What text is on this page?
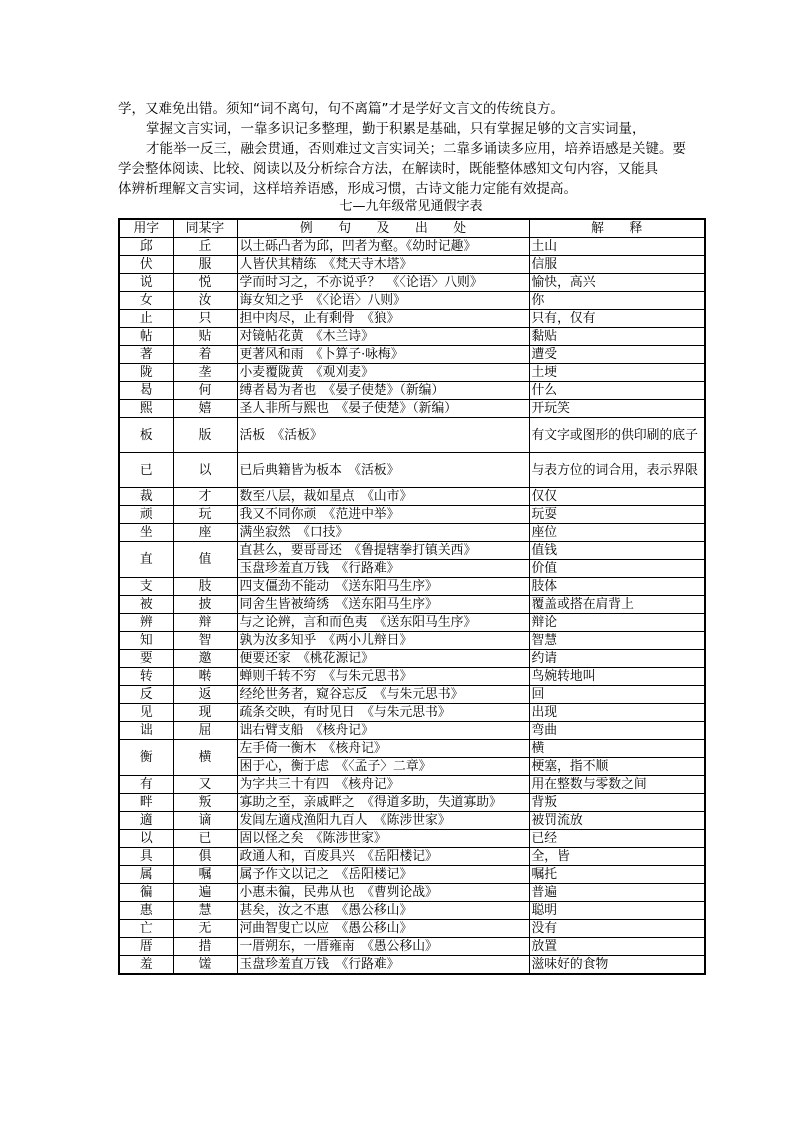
学，又难免出错。须知“词不离句，句不离篇”才是学好文言文的传统良方。

掌握文言实词，一靠多识记多整理，勤于积累是基础，只有掌握足够的文言实词量，

才能举一反三，融会贯通，否则难过文言实词关；二靠多诵读多应用，培养语感是关键。要

学会整体阅读、比较、阅读以及分析综合方法，在解读时，既能整体感知文句内容，又能具

体辨析理解文言实词，这样培养语感，形成习惯，古诗文能力定能有效提高。

七—九年级常见通假字表
用字	同某字	例　　句　　及　　出　　处	解　　释
邱	丘	以土砾凸者为邱，凹者为壑。《幼时记趣》	土山
伏	服	人皆伏其精练　《梵天寺木塔》	信服
说	悦	学而时习之，不亦说乎？　《〈论语〉八则》	愉快，高兴
女	汝	诲女知之乎　《〈论语〉八则》	你
止	只	担中肉尽，止有剩骨　《狼》	只有，仅有
帖	贴	对镜帖花黄　《木兰诗》	黏贴
著	着	更著风和雨　《卜算子·咏梅》	遭受
陇	垄	小麦覆陇黄　《观刈麦》	土埂
曷	何	缚者曷为者也　《晏子使楚》（新编）	什么
熙	嬉	圣人非所与熙也　《晏子使楚》（新编）	开玩笑
板	版	活板　《活板》	有文字或图形的供印刷的底子
已	以	已后典籍皆为板本　《活板》	与表方位的词合用，表示界限
裁	才	数至八层，裁如星点　《山市》	仅仅
顽	玩	我又不同你顽　《范进中举》	玩耍
坐	座	满坐寂然　《口技》	座位
直	值	直甚么，要哥哥还　《鲁提辖拳打镇关西》	值钱
		玉盘珍羞直万钱　《行路难》	价值
支	肢	四支僵劲不能动　《送东阳马生序》	肢体
被	披	同舍生皆被绮绣　《送东阳马生序》	覆盖或搭在肩背上
辨	辩	与之论辨，言和而色夷　《送东阳马生序》	辩论
知	智	孰为汝多知乎　《两小儿辩日》	智慧
要	邀	便要还家　《桃花源记》	约请
转	啭	蝉则千转不穷　《与朱元思书》	鸟婉转地叫
反	返	经纶世务者，窥谷忘反　《与朱元思书》	回
见	现	疏条交映，有时见日　《与朱元思书》	出现
诎	屈	诎右臂支船　《核舟记》	弯曲
衡	横	左手倚一衡木　《核舟记》	横
		困于心，衡于虑　《〈孟子〉二章》	梗塞，指不顺
有	又	为字共三十有四　《核舟记》	用在整数与零数之间
畔	叛	寡助之至，亲戚畔之　《得道多助，失道寡助》	背叛
適	谪	发闾左適戍渔阳九百人　《陈涉世家》	被罚流放
以	已	固以怪之矣　《陈涉世家》	已经
具	俱	政通人和，百废具兴　《岳阳楼记》	全，皆
属	嘱	属予作文以记之　《岳阳楼记》	嘱托
徧	遍	小惠未徧，民弗从也　《曹刿论战》	普遍
惠	慧	甚矣，汝之不惠　《愚公移山》	聪明
亡	无	河曲智叟亡以应　《愚公移山》	没有
厝	措	一厝朔东，一厝雍南　《愚公移山》	放置
羞	馐	玉盘珍羞直万钱　《行路难》	滋味好的食物
